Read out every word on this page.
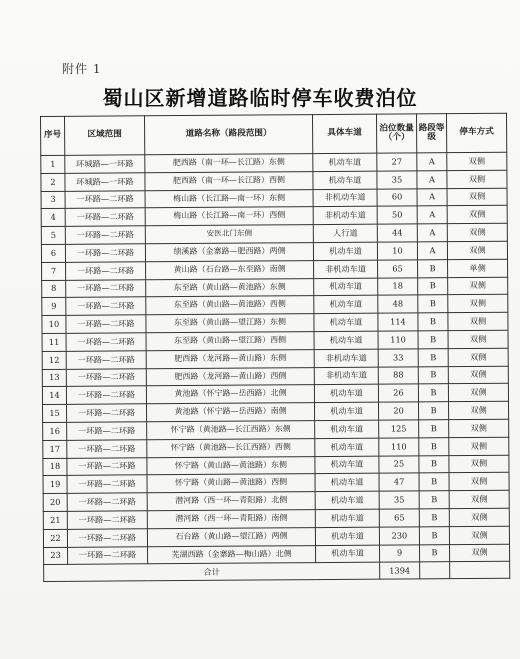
附件 1
蜀山区新增道路临时停车收费泊位
序号	区域范围	道路名称（路段范围）	具体车道	泊位数量（个）	路段等级	停车方式
1	环城路—一环路	肥西路（南一环—长江路）东侧	机动车道	27	A	双侧
2	环城路—一环路	肥西路（南一环—长江路）西侧	机动车道	35	A	双侧
3	一环路—二环路	梅山路（长江路—南一环）东侧	非机动车道	60	A	双侧
4	一环路—二环路	梅山路（长江路—南一环）西侧	非机动车道	50	A	双侧
5	一环路—二环路	安医北门东侧	人行道	44	A	双侧
6	一环路—二环路	绩溪路（金寨路—肥西路）两侧	机动车道	10	A	双侧
7	一环路—二环路	黄山路（石台路—东至路）南侧	非机动车道	65	B	单侧
8	一环路—二环路	东至路（黄山路—黄池路）东侧	机动车道	18	B	双侧
9	一环路—二环路	东至路（黄山路—黄池路）西侧	机动车道	48	B	双侧
10	一环路—二环路	东至路（黄山路—望江路）东侧	机动车道	114	B	双侧
11	一环路—二环路	东至路（黄山路—望江路）西侧	机动车道	110	B	双侧
12	一环路—二环路	肥西路（龙河路—黄山路）东侧	非机动车道	33	B	双侧
13	一环路—二环路	肥西路（龙河路—黄山路）西侧	非机动车道	88	B	双侧
14	一环路—二环路	黄池路（怀宁路—岳西路）北侧	机动车道	26	B	双侧
15	一环路—二环路	黄池路（怀宁路—岳西路）南侧	机动车道	20	B	双侧
16	一环路—二环路	怀宁路（黄池路—长江西路）东侧	机动车道	125	B	双侧
17	一环路—二环路	怀宁路（黄池路—长江西路）西侧	机动车道	110	B	双侧
18	一环路—二环路	怀宁路（黄山路—黄池路）东侧	机动车道	25	B	双侧
19	一环路—二环路	怀宁路（黄山路—黄池路）西侧	机动车道	47	B	双侧
20	一环路—二环路	潜河路（西一环—青阳路）北侧	机动车道	35	B	双侧
21	一环路—二环路	潜河路（西一环—青阳路）南侧	机动车道	65	B	双侧
22	一环路—二环路	石台路（黄山路—望江路）两侧	机动车道	230	B	双侧
23	一环路—二环路	芜湖西路（金寨路—梅山路）北侧	机动车道	9	B	双侧
合计				1394		
